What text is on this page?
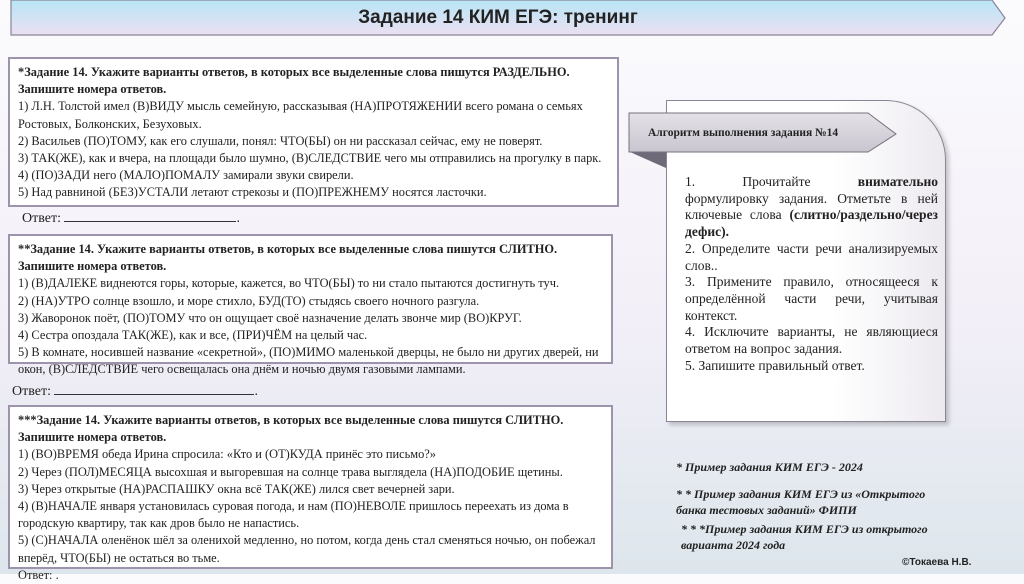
Задание 14 КИМ ЕГЭ: тренинг
*Задание 14. Укажите варианты ответов, в которых все выделенные слова пишутся РАЗДЕЛЬНО. Запишите номера ответов.
1) Л.Н. Толстой имел (В)ВИДУ мысль семейную, рассказывая (НА)ПРОТЯЖЕНИИ всего романа о семьях Ростовых, Болконских, Безуховых.
2) Васильев (ПО)ТОМУ, как его слушали, понял: ЧТО(БЫ) он ни рассказал сейчас, ему не поверят.
3) ТАК(ЖЕ), как и вчера, на площади было шумно, (В)СЛЕДСТВИЕ чего мы отправились на прогулку в парк.
4) (ПО)ЗАДИ него (МАЛО)ПОМАЛУ замирали звуки свирели.
5) Над равниной (БЕЗ)УСТАЛИ летают стрекозы и (ПО)ПРЕЖНЕМУ носятся ласточки.
Ответ:	.
**Задание 14. Укажите варианты ответов, в которых все выделенные слова пишутся СЛИТНО. Запишите номера ответов.
1) (В)ДАЛЕКЕ виднеются горы, которые, кажется, во ЧТО(БЫ) то ни стало пытаются достигнуть туч.
2) (НА)УТРО солнце взошло, и море стихло, БУД(ТО) стыдясь своего ночного разгула.
3) Жаворонок поёт, (ПО)ТОМУ что он ощущает своё назначение делать звонче мир (ВО)КРУГ.
4) Сестра опоздала ТАК(ЖЕ), как и все, (ПРИ)ЧЁМ на целый час.
5) В комнате, носившей название «секретной», (ПО)МИМО маленькой дверцы, не было ни других дверей, ни окон, (В)СЛЕДСТВИЕ чего освещалась она днём и ночью двумя газовыми лампами.
Ответ:	.
***Задание 14. Укажите варианты ответов, в которых все выделенные слова пишутся СЛИТНО. Запишите номера ответов.
1) (ВО)ВРЕМЯ обеда Ирина спросила: «Кто и (ОТ)КУДА принёс это письмо?»
2) Через (ПОЛ)МЕСЯЦА высохшая и выгоревшая на солнце трава выглядела (НА)ПОДОБИЕ щетины.
3) Через открытые (НА)РАСПАШКУ окна всё ТАК(ЖЕ) лился свет вечерней зари.
4) (В)НАЧАЛЕ января установилась суровая погода, и нам (ПО)НЕВОЛЕ пришлось переехать из дома в городскую квартиру, так как дров было не напастись.
5) (С)НАЧАЛА оленёнок шёл за оленихой медленно, но потом, когда день стал сменяться ночью, он побежал вперёд, ЧТО(БЫ) не остаться во тьме.
Ответ: .

1.         Прочитайте         внимательно формулировку задания. Отметьте в ней ключевые слова (слитно/раздельно/через дефис).

2. Определите части речи анализируемых слов..

3. Примените правило, относящееся к определённой части речи, учитывая контекст.

4. Исключите варианты, не являющиеся ответом на вопрос задания.

5. Запишите правильный ответ.

Алгоритм выполнения задания №14
* Пример задания КИМ ЕГЭ - 2024
* * Пример задания КИМ ЕГЭ из «Открытого банка тестовых заданий» ФИПИ
* * *Пример задания КИМ ЕГЭ из открытого варианта 2024 года
©Токаева Н.В.
